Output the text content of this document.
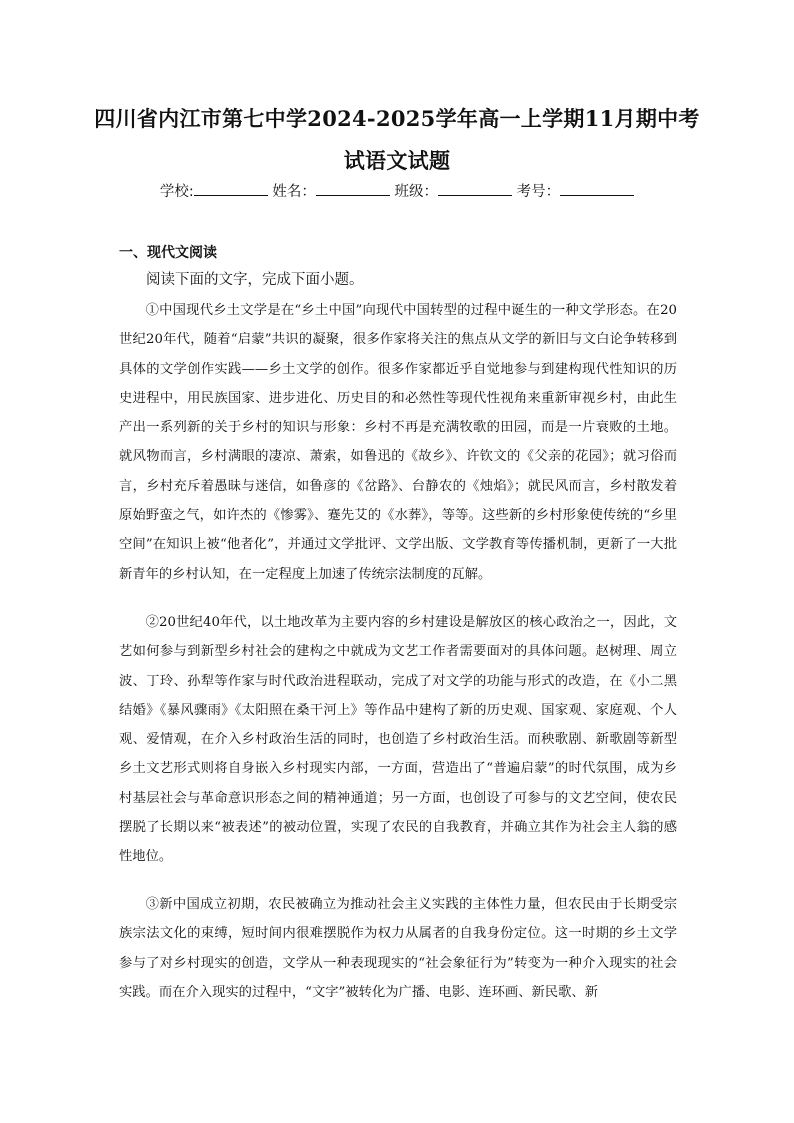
四川省内江市第七中学2024-2025学年高一上学期11月期中考
试语文试题
学校:	姓名：	班级：	考号：
一、现代文阅读
阅读下面的文字，完成下面小题。

①中国现代乡土文学是在“乡土中国”向现代中国转型的过程中诞生的一种文学形态。在20世纪20年代，随着“启蒙”共识的凝聚，很多作家将关注的焦点从文学的新旧与文白论争转移到具体的文学创作实践——乡土文学的创作。很多作家都近乎自觉地参与到建构现代性知识的历史进程中，用民族国家、进步进化、历史目的和必然性等现代性视角来重新审视乡村，由此生产出一系列新的关于乡村的知识与形象：乡村不再是充满牧歌的田园，而是一片衰败的土地。就风物而言，乡村满眼的凄凉、萧索，如鲁迅的《故乡》、许钦文的《父亲的花园》；就习俗而言，乡村充斥着愚昧与迷信，如鲁彦的《岔路》、台静农的《烛焰》；就民风而言，乡村散发着原始野蛮之气，如许杰的《惨雾》、蹇先艾的《水葬》，等等。这些新的乡村形象使传统的“乡里空间”在知识上被“他者化”，并通过文学批评、文学出版、文学教育等传播机制，更新了一大批新青年的乡村认知，在一定程度上加速了传统宗法制度的瓦解。

②20世纪40年代，以土地改革为主要内容的乡村建设是解放区的核心政治之一，因此，文艺如何参与到新型乡村社会的建构之中就成为文艺工作者需要面对的具体问题。赵树理、周立波、丁玲、孙犁等作家与时代政治进程联动，完成了对文学的功能与形式的改造，在《小二黑结婚》《暴风骤雨》《太阳照在桑干河上》等作品中建构了新的历史观、国家观、家庭观、个人观、爱情观，在介入乡村政治生活的同时，也创造了乡村政治生活。而秧歌剧、新歌剧等新型乡土文艺形式则将自身嵌入乡村现实内部，一方面，营造出了“普遍启蒙”的时代氛围，成为乡村基层社会与革命意识形态之间的精神通道；另一方面，也创设了可参与的文艺空间，使农民摆脱了长期以来“被表述”的被动位置，实现了农民的自我教育，并确立其作为社会主人翁的感性地位。

③新中国成立初期，农民被确立为推动社会主义实践的主体性力量，但农民由于长期受宗族宗法文化的束缚，短时间内很难摆脱作为权力从属者的自我身份定位。这一时期的乡土文学参与了对乡村现实的创造，文学从一种表现现实的“社会象征行为”转变为一种介入现实的社会实践。而在介入现实的过程中，“文字”被转化为广播、电影、连环画、新民歌、新
